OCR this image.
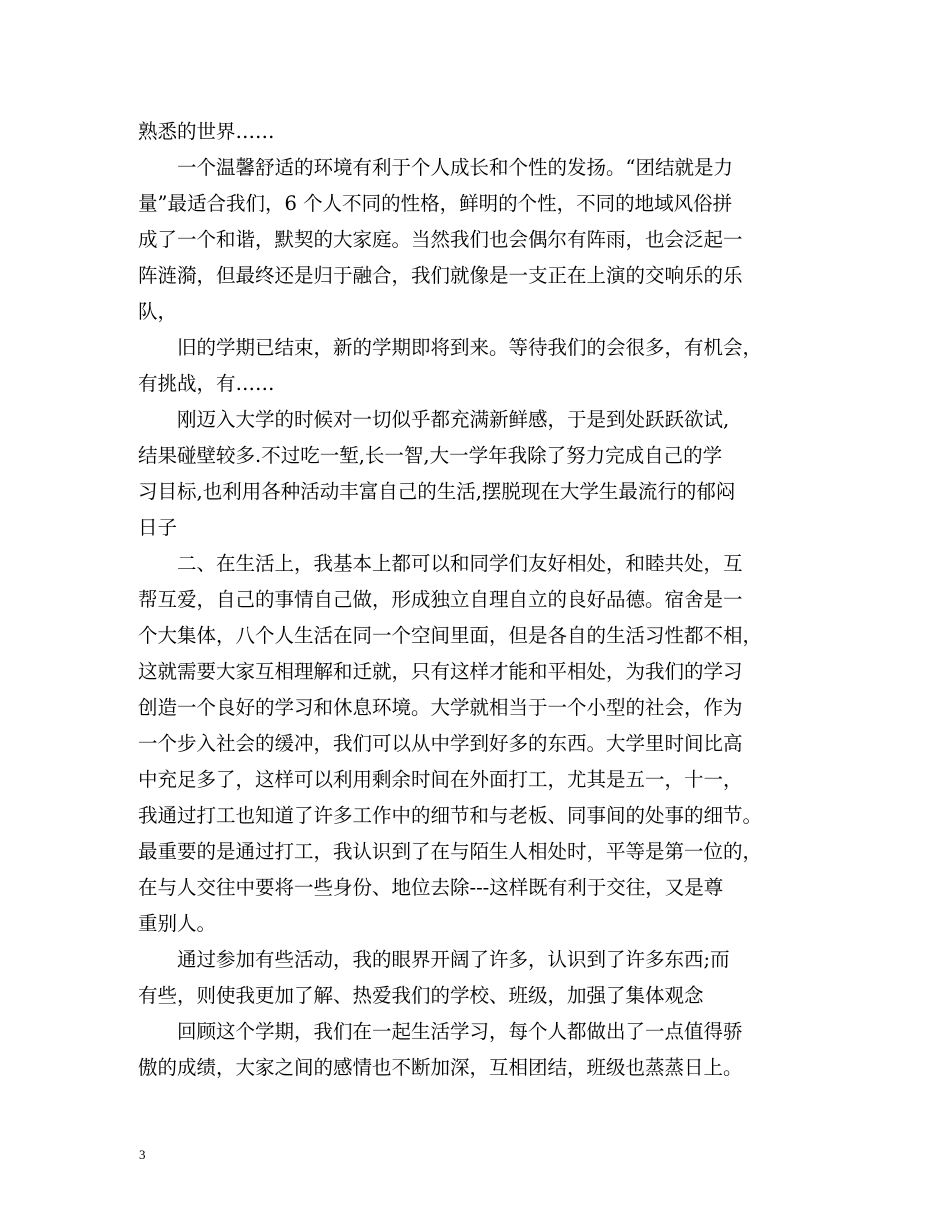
熟悉的世界……

　　一个温馨舒适的环境有利于个人成长和个性的发扬。“团结就是力

量”最适合我们，6 个人不同的性格，鲜明的个性，不同的地域风俗拼

成了一个和谐，默契的大家庭。当然我们也会偶尔有阵雨，也会泛起一

阵涟漪，但最终还是归于融合，我们就像是一支正在上演的交响乐的乐

队，

　　旧的学期已结束，新的学期即将到来。等待我们的会很多，有机会，

有挑战，有……

　　刚迈入大学的时候对一切似乎都充满新鲜感，于是到处跃跃欲试,

结果碰壁较多.不过吃一堑,长一智,大一学年我除了努力完成自己的学

习目标,也利用各种活动丰富自己的生活,摆脱现在大学生最流行的郁闷

日子

　　二、在生活上，我基本上都可以和同学们友好相处，和睦共处，互

帮互爱，自己的事情自己做，形成独立自理自立的良好品德。宿舍是一

个大集体，八个人生活在同一个空间里面，但是各自的生活习性都不相，

这就需要大家互相理解和迁就，只有这样才能和平相处，为我们的学习

创造一个良好的学习和休息环境。大学就相当于一个小型的社会，作为

一个步入社会的缓冲，我们可以从中学到好多的东西。大学里时间比高

中充足多了，这样可以利用剩余时间在外面打工，尤其是五一，十一，

我通过打工也知道了许多工作中的细节和与老板、同事间的处事的细节。

最重要的是通过打工，我认识到了在与陌生人相处时，平等是第一位的，

在与人交往中要将一些身份、地位去除---这样既有利于交往，又是尊

重别人。

　　通过参加有些活动，我的眼界开阔了许多，认识到了许多东西;而

有些，则使我更加了解、热爱我们的学校、班级，加强了集体观念

　　回顾这个学期，我们在一起生活学习，每个人都做出了一点值得骄

傲的成绩，大家之间的感情也不断加深，互相团结，班级也蒸蒸日上。

3
